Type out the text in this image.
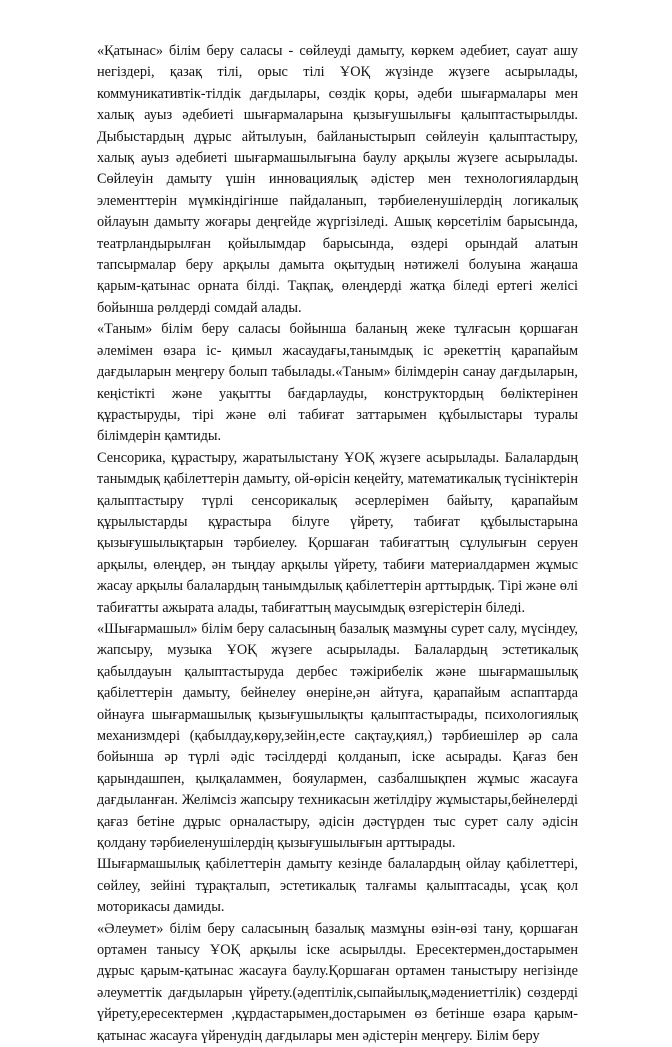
«Қатынас» білім беру саласы - сөйлеуді дамыту, көркем әдебиет, сауат ашу негіздері, қазақ тілі, орыс тілі ҰОҚ жүзінде жүзеге асырылады, коммуникативтік-тілдік дағдылары, сөздік қоры, әдеби шығармалары мен халық ауыз әдебиеті шығармаларына қызығушылығы қалыптастырылды. Дыбыстардың дұрыс айтылуын, байланыстырып сөйлеуін қалыптастыру, халық ауыз әдебиеті шығармашылығына баулу арқылы жүзеге асырылады. Сөйлеуін дамыту үшін инновациялық әдістер мен технологиялардың элементтерін мүмкіндігінше пайдаланып, тәрбиеленушілердің логикалық ойлауын дамыту жоғары деңгейде жүргізіледі. Ашық көрсетілім барысында, театрландырылған қойылымдар барысында, өздері орындай алатын тапсырмалар беру арқылы дамыта оқытудың нәтижелі болуына жаңаша қарым-қатынас орната білді. Тақпақ, өлеңдерді жатқа біледі ертегі желісі бойынша рөлдерді сомдай алады.

«Таным» білім беру саласы бойынша баланың жеке тұлғасын қоршаған әлемімен өзара іс- қимыл жасаудағы,танымдық іс әрекеттің қарапайым дағдыларын меңгеру болып табылады.«Таным» білімдерін санау дағдыларын, кеңістікті және уақытты бағдарлауды, конструктордың бөліктерінен құрастыруды, тірі және өлі табиғат заттарымен құбылыстары туралы білімдерін қамтиды.

Сенсорика, құрастыру, жаратылыстану ҰОҚ жүзеге асырылады. Балалардың танымдық қабілеттерін дамыту, ой-өрісін кеңейту, математикалық түсініктерін қалыптастыру түрлі сенсорикалық әсерлерімен байыту, қарапайым құрылыстарды құрастыра білуге үйрету, табиғат құбылыстарына қызығушылықтарын тәрбиелеу. Қоршаған табиғаттың сұлулығын серуен арқылы, өлеңдер, ән тыңдау арқылы үйрету, табиғи материалдармен жұмыс жасау арқылы балалардың танымдылық қабілеттерін арттырдық. Тірі және өлі табиғатты ажырата алады, табиғаттың маусымдық өзгерістерін біледі.

«Шығармашыл» білім беру саласының базалық мазмұны сурет салу, мүсіндеу, жапсыру, музыка ҰОҚ жүзеге асырылады. Балалардың эстетикалық қабылдауын қалыптастыруда дербес тәжірибелік және шығармашылық қабілеттерін дамыту, бейнелеу өнеріне,ән айтуға, қарапайым аспаптарда ойнауға шығармашылық қызығушылықты қалыптастырады, психологиялық механизмдері (қабылдау,көру,зейін,есте сақтау,қиял,) тәрбиешілер әр сала бойынша әр түрлі әдіс тәсілдерді қолданып, іске асырады. Қағаз бен қарындашпен, қылқаламмен, бояулармен, сазбалшықпен жұмыс жасауға дағдыланған. Желімсіз жапсыру техникасын жетілдіру жұмыстары,бейнелерді қағаз бетіне дұрыс орналастыру, әдісін дәстүрден тыс сурет салу әдісін қолдану тәрбиеленушілердің қызығушылығын арттырады.

Шығармашылық қабілеттерін дамыту кезінде балалардың ойлау қабілеттері, сөйлеу, зейіні тұрақталып, эстетикалық талғамы қалыптасады, ұсақ қол моторикасы дамиды.

«Әлеумет» білім беру саласының базалық мазмұны өзін-өзі тану, қоршаған ортамен танысу ҰОҚ арқылы іске асырылды. Ересектермен,достарымен дұрыс қарым-қатынас жасауға баулу.Қоршаған ортамен таныстыру негізінде әлеуметтік дағдыларын үйрету.(әдептілік,сыпайылық,мәдениеттілік) сөздерді үйрету,ересектермен ,құрдастарымен,достарымен өз бетінше өзара қарым-қатынас жасауға үйренудің дағдылары мен әдістерін меңгеру. Білім беру
